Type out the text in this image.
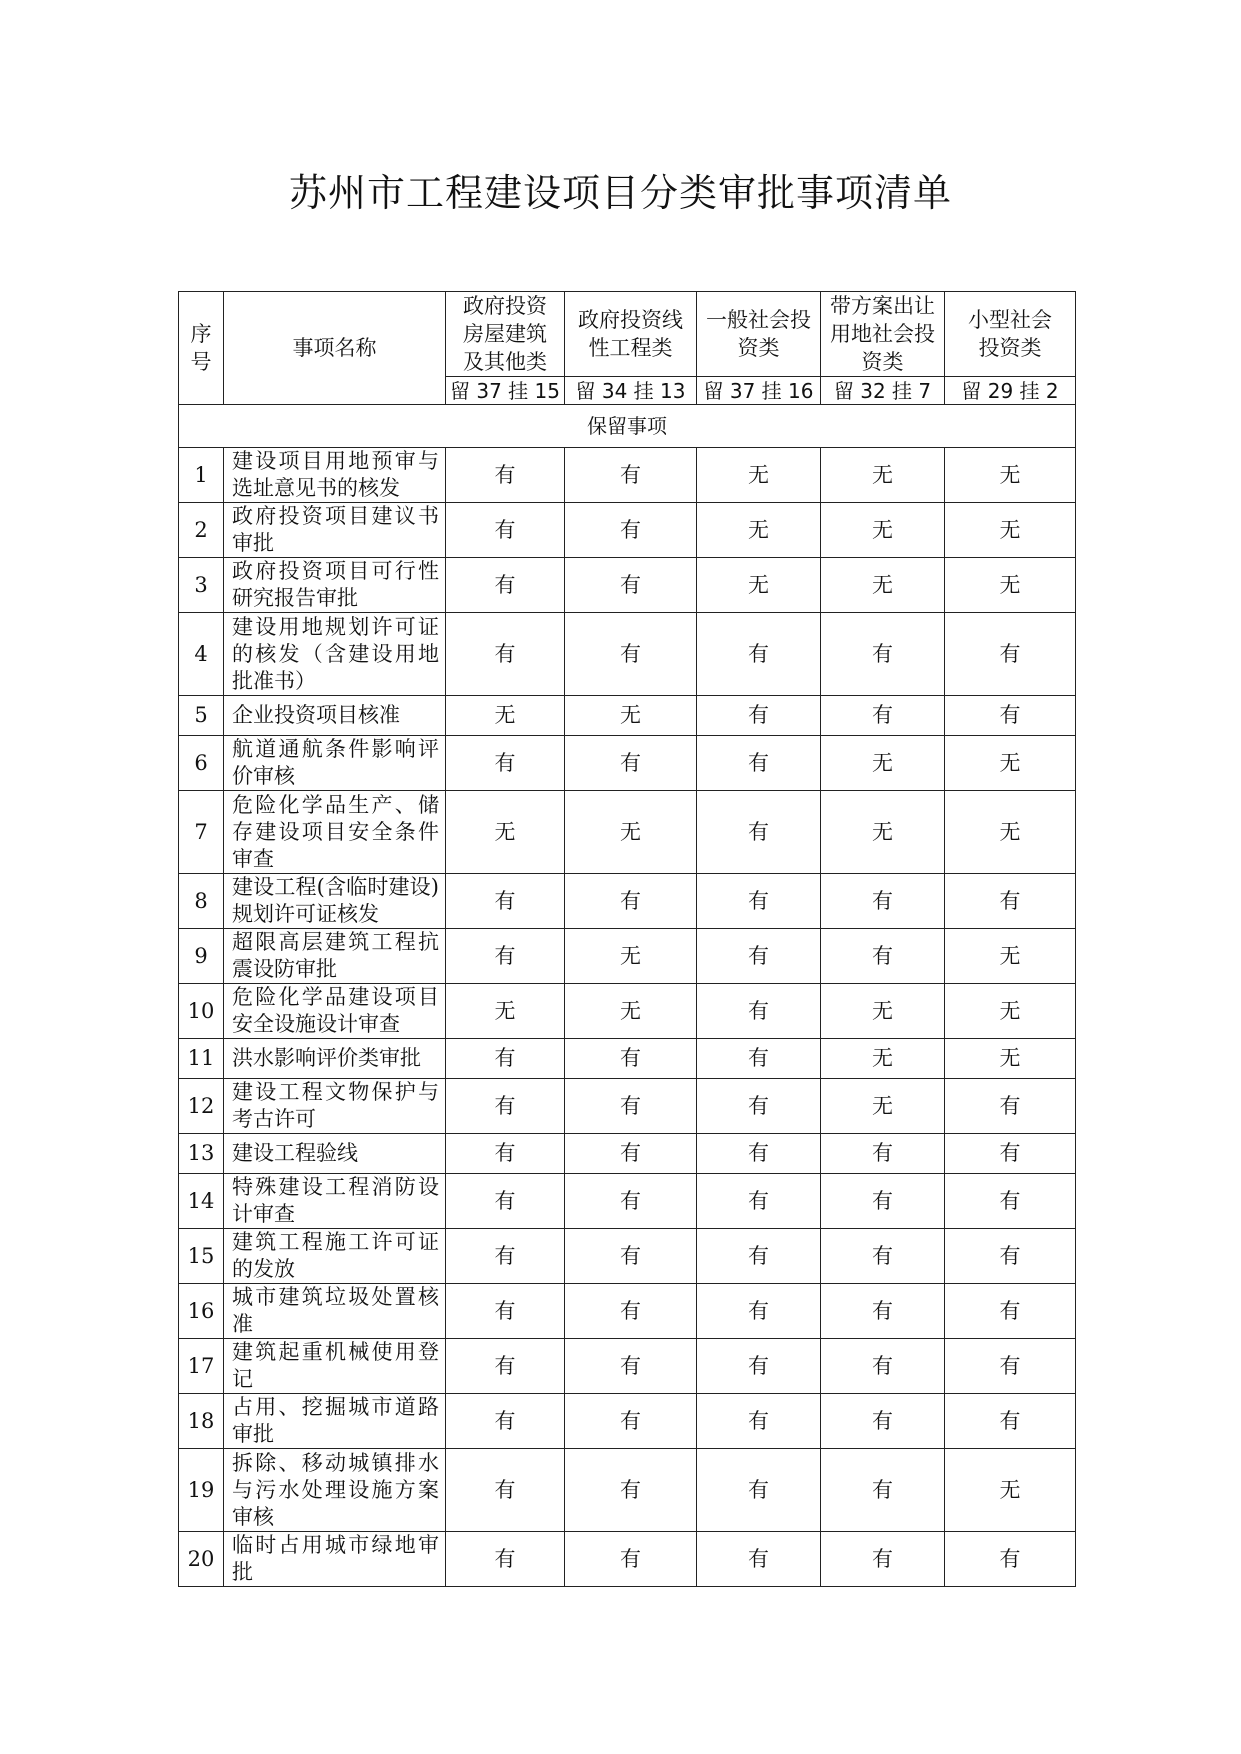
苏州市工程建设项目分类审批事项清单
序号	事项名称	政府投资房屋建筑及其他类	政府投资线性工程类	一般社会投资类	带方案出让用地社会投资类	小型社会投资类
		留 37 挂 15	留 34 挂 13	留 37 挂 16	留 32 挂 7	留 29 挂 2
保留事项						
1	建设项目用地预审与选址意见书的核发	有	有	无	无	无
2	政府投资项目建议书审批	有	有	无	无	无
3	政府投资项目可行性研究报告审批	有	有	无	无	无
4	建设用地规划许可证的核发（含建设用地批准书）	有	有	有	有	有
5	企业投资项目核准	无	无	有	有	有
6	航道通航条件影响评价审核	有	有	有	无	无
7	危险化学品生产、储存建设项目安全条件审查	无	无	有	无	无
8	建设工程(含临时建设)规划许可证核发	有	有	有	有	有
9	超限高层建筑工程抗震设防审批	有	无	有	有	无
10	危险化学品建设项目安全设施设计审查	无	无	有	无	无
11	洪水影响评价类审批	有	有	有	无	无
12	建设工程文物保护与考古许可	有	有	有	无	有
13	建设工程验线	有	有	有	有	有
14	特殊建设工程消防设计审查	有	有	有	有	有
15	建筑工程施工许可证的发放	有	有	有	有	有
16	城市建筑垃圾处置核准	有	有	有	有	有
17	建筑起重机械使用登记	有	有	有	有	有
18	占用、挖掘城市道路审批	有	有	有	有	有
19	拆除、移动城镇排水与污水处理设施方案审核	有	有	有	有	无
20	临时占用城市绿地审批	有	有	有	有	有
